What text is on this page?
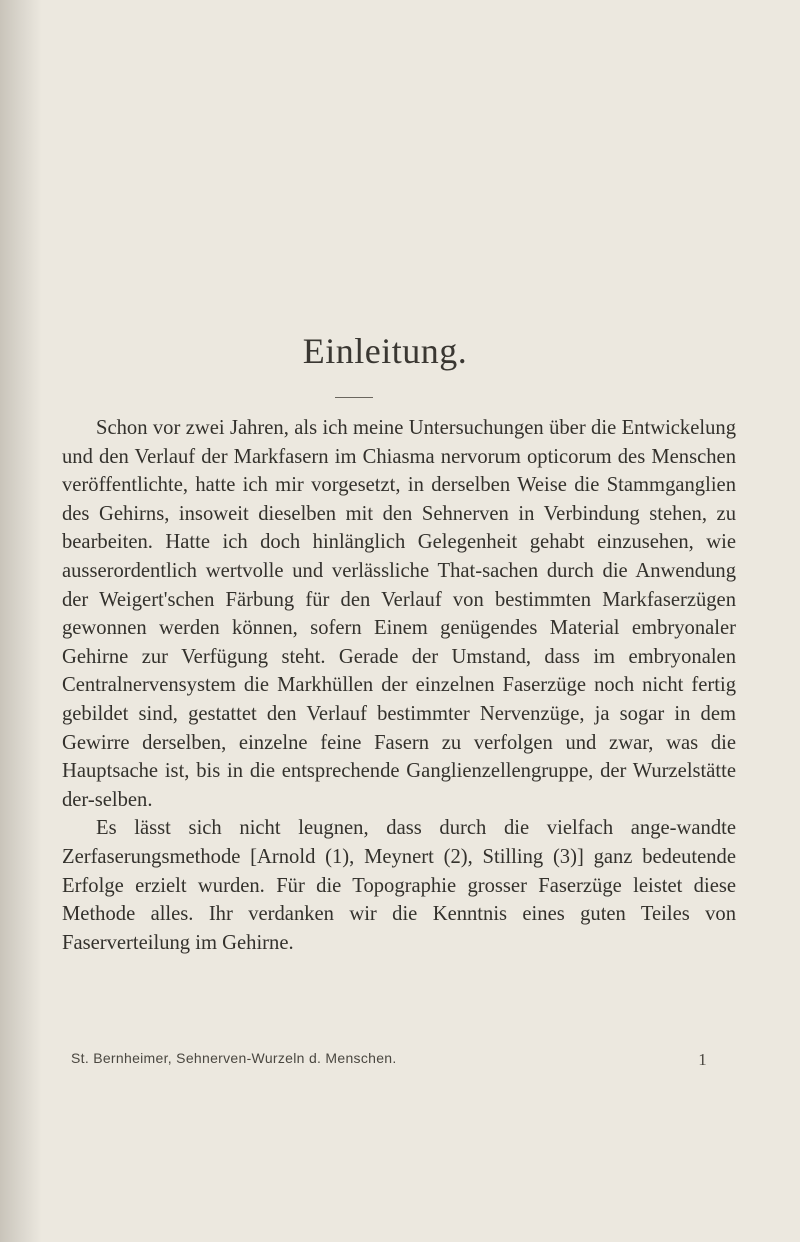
Einleitung.

Schon vor zwei Jahren, als ich meine Untersuchungen über die Entwickelung und den Verlauf der Markfasern im Chiasma nervorum opticorum des Menschen veröffentlichte, hatte ich mir vorgesetzt, in derselben Weise die Stammganglien des Gehirns, insoweit dieselben mit den Sehnerven in Verbindung stehen, zu bearbeiten. Hatte ich doch hinlänglich Gelegenheit gehabt einzusehen, wie ausserordentlich wertvolle und verlässliche That-sachen durch die Anwendung der Weigert'schen Färbung für den Verlauf von bestimmten Markfaserzügen gewonnen werden können, sofern Einem genügendes Material embryonaler Gehirne zur Verfügung steht. Gerade der Umstand, dass im embryonalen Centralnervensystem die Markhüllen der einzelnen Faserzüge noch nicht fertig gebildet sind, gestattet den Verlauf bestimmter Nervenzüge, ja sogar in dem Gewirre derselben, einzelne feine Fasern zu verfolgen und zwar, was die Hauptsache ist, bis in die entsprechende Ganglienzellengruppe, der Wurzelstätte der-selben.

Es lässt sich nicht leugnen, dass durch die vielfach ange-wandte Zerfaserungsmethode [Arnold (1), Meynert (2), Stilling (3)] ganz bedeutende Erfolge erzielt wurden. Für die Topographie grosser Faserzüge leistet diese Methode alles. Ihr verdanken wir die Kenntnis eines guten Teiles von Faserverteilung im Gehirne.

St. Bernheimer, Sehnerven-Wurzeln d. Menschen.	1
